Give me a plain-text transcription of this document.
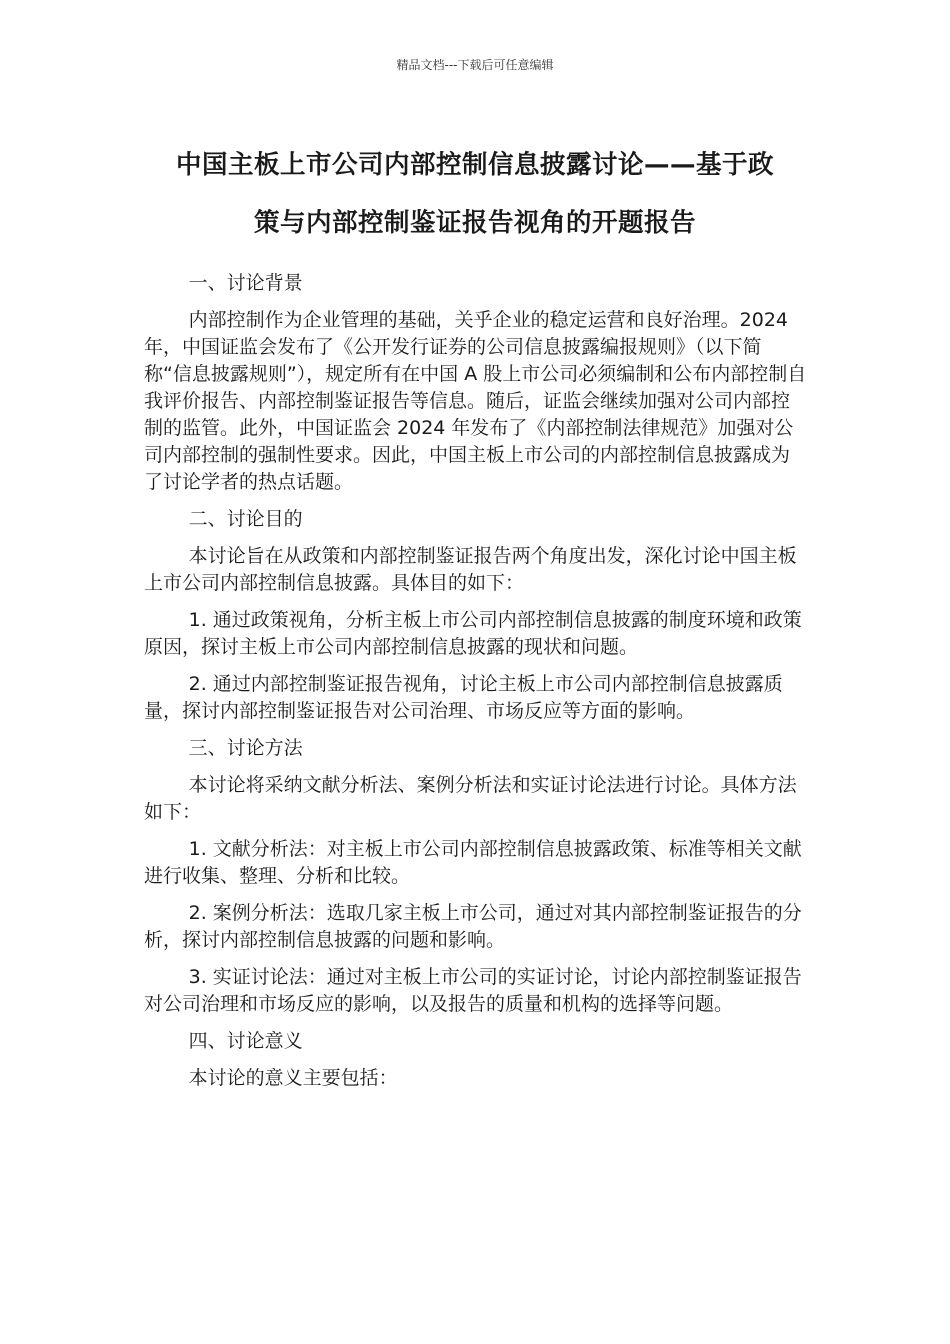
精品文档---下载后可任意编辑
中国主板上市公司内部控制信息披露讨论——基于政
策与内部控制鉴证报告视角的开题报告

一、讨论背景

内部控制作为企业管理的基础，关乎企业的稳定运营和良好治理。2024 年，中国证监会发布了《公开发行证券的公司信息披露编报规则》（以下简称“信息披露规则”），规定所有在中国 A 股上市公司必须编制和公布内部控制自我评价报告、内部控制鉴证报告等信息。随后，证监会继续加强对公司内部控制的监管。此外，中国证监会 2024 年发布了《内部控制法律规范》加强对公司内部控制的强制性要求。因此，中国主板上市公司的内部控制信息披露成为了讨论学者的热点话题。

二、讨论目的

本讨论旨在从政策和内部控制鉴证报告两个角度出发，深化讨论中国主板上市公司内部控制信息披露。具体目的如下：

1. 通过政策视角，分析主板上市公司内部控制信息披露的制度环境和政策原因，探讨主板上市公司内部控制信息披露的现状和问题。

2. 通过内部控制鉴证报告视角，讨论主板上市公司内部控制信息披露质量，探讨内部控制鉴证报告对公司治理、市场反应等方面的影响。

三、讨论方法

本讨论将采纳文献分析法、案例分析法和实证讨论法进行讨论。具体方法如下：

1. 文献分析法：对主板上市公司内部控制信息披露政策、标准等相关文献进行收集、整理、分析和比较。

2. 案例分析法：选取几家主板上市公司，通过对其内部控制鉴证报告的分析，探讨内部控制信息披露的问题和影响。

3. 实证讨论法：通过对主板上市公司的实证讨论，讨论内部控制鉴证报告对公司治理和市场反应的影响，以及报告的质量和机构的选择等问题。

四、讨论意义

本讨论的意义主要包括：
